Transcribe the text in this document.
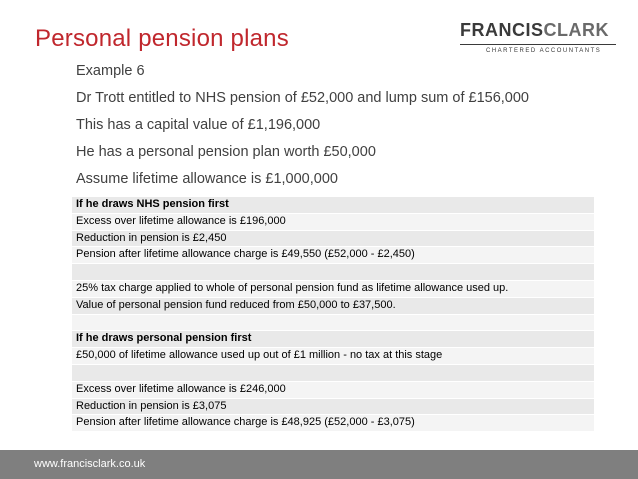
Personal pension plans	FRANCISCLARK
CHARTERED ACCOUNTANTS
Example 6
Dr Trott entitled to NHS pension of £52,000 and lump sum of £156,000
This has a capital value of £1,196,000
He has a personal pension plan worth £50,000
Assume lifetime allowance is £1,000,000
If he draws NHS pension first
Excess over lifetime allowance is £196,000
Reduction in pension is £2,450
Pension after lifetime allowance charge is £49,550 (£52,000 - £2,450)
25% tax charge applied to whole of personal pension fund as lifetime allowance used up.
Value of personal pension fund reduced from £50,000 to £37,500.
If he draws personal pension first
£50,000 of lifetime allowance used up out of £1 million - no tax at this stage
Excess over lifetime allowance is £246,000
Reduction in pension is £3,075
Pension after lifetime allowance charge is £48,925 (£52,000 - £3,075)
www.francisclark.co.uk
